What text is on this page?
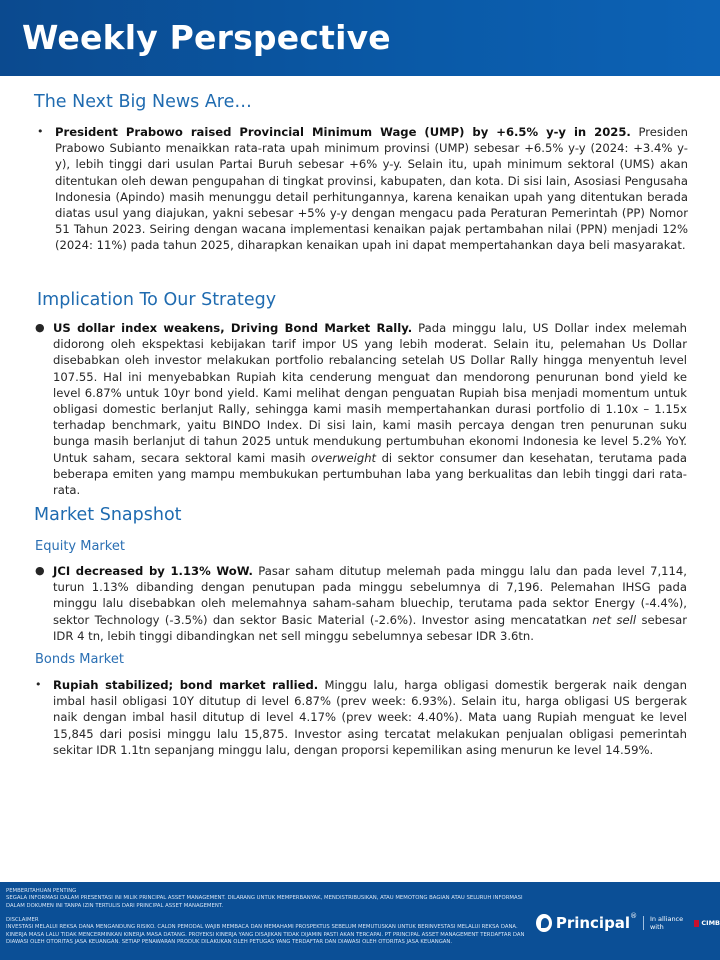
Weekly Perspective
The Next Big News Are…

• President Prabowo raised Provincial Minimum Wage (UMP) by +6.5% y-y in 2025. Presiden Prabowo Subianto menaikkan rata-rata upah minimum provinsi (UMP) sebesar +6.5% y-y (2024: +3.4% y-y), lebih tinggi dari usulan Partai Buruh sebesar +6% y-y. Selain itu, upah minimum sektoral (UMS) akan ditentukan oleh dewan pengupahan di tingkat provinsi, kabupaten, dan kota. Di sisi lain, Asosiasi Pengusaha Indonesia (Apindo) masih menunggu detail perhitungannya, karena kenaikan upah yang ditentukan berada diatas usul yang diajukan, yakni sebesar +5% y-y dengan mengacu pada Peraturan Pemerintah (PP) Nomor 51 Tahun 2023. Seiring dengan wacana implementasi kenaikan pajak pertambahan nilai (PPN) menjadi 12% (2024: 11%) pada tahun 2025, diharapkan kenaikan upah ini dapat mempertahankan daya beli masyarakat.

Implication To Our Strategy

● US dollar index weakens, Driving Bond Market Rally. Pada minggu lalu, US Dollar index melemah didorong oleh ekspektasi kebijakan tarif impor US yang lebih moderat. Selain itu, pelemahan Us Dollar disebabkan oleh investor melakukan portfolio rebalancing setelah US Dollar Rally hingga menyentuh level 107.55. Hal ini menyebabkan Rupiah kita cenderung menguat dan mendorong penurunan bond yield ke level 6.87% untuk 10yr bond yield. Kami melihat dengan penguatan Rupiah bisa menjadi momentum untuk obligasi domestic berlanjut Rally, sehingga kami masih mempertahankan durasi portfolio di 1.10x – 1.15x terhadap benchmark, yaitu BINDO Index. Di sisi lain, kami masih percaya dengan tren penurunan suku bunga masih berlanjut di tahun 2025 untuk mendukung pertumbuhan ekonomi Indonesia ke level 5.2% YoY. Untuk saham, secara sektoral kami masih overweight di sektor consumer dan kesehatan, terutama pada beberapa emiten yang mampu membukukan pertumbuhan laba yang berkualitas dan lebih tinggi dari rata-rata.

Market Snapshot
Equity Market

● JCI decreased by 1.13% WoW. Pasar saham ditutup melemah pada minggu lalu dan pada level 7,114, turun 1.13% dibanding dengan penutupan pada minggu sebelumnya di 7,196. Pelemahan IHSG pada minggu lalu disebabkan oleh melemahnya saham-saham bluechip, terutama pada sektor Energy (-4.4%), sektor Technology (-3.5%) dan sektor Basic Material (-2.6%). Investor asing mencatatkan net sell sebesar IDR 4 tn, lebih tinggi dibandingkan net sell minggu sebelumnya sebesar IDR 3.6tn.

Bonds Market

• Rupiah stabilized; bond market rallied. Minggu lalu, harga obligasi domestik bergerak naik dengan imbal hasil obligasi 10Y ditutup di level 6.87% (prev week: 6.93%). Selain itu, harga obligasi US bergerak naik dengan imbal hasil ditutup di level 4.17% (prev week: 4.40%). Mata uang Rupiah menguat ke level 15,845 dari posisi minggu lalu 15,875. Investor asing tercatat melakukan penjualan obligasi pemerintah sekitar IDR 1.1tn sepanjang minggu lalu, dengan proporsi kepemilikan asing menurun ke level 14.59%.

PEMBERITAHUAN PENTING
SEGALA INFORMASI DALAM PRESENTASI INI MILIK PRINCIPAL ASSET MANAGEMENT. DILARANG UNTUK MEMPERBANYAK, MENDISTRIBUSIKAN, ATAU MEMOTONG BAGIAN ATAU SELURUH INFORMASI DALAM DOKUMEN INI TANPA IZIN TERTULIS DARI PRINCIPAL ASSET MANAGEMENT.
DISCLAIMER
INVESTASI MELALUI REKSA DANA MENGANDUNG RISIKO. CALON PEMODAL WAJIB MEMBACA DAN MEMAHAMI PROSPEKTUS SEBELUM MEMUTUSKAN UNTUK BERINVESTASI MELALUI REKSA DANA. KINERJA MASA LALU TIDAK MENCERMINKAN KINERJA MASA DATANG. PROYEKSI KINERJA YANG DISAJIKAN TIDAK DIJAMIN PASTI AKAN TERCAPAI. PT PRINCIPAL ASSET MANAGEMENT TERDAFTAR DAN DIAWASI OLEH OTORITAS JASA KEUANGAN. SETIAP PENAWARAN PRODUK DILAKUKAN OLEH PETUGAS YANG TERDAFTAR DAN DIAWASI OLEH OTORITAS JASA KEUANGAN.
Principal ® In alliance with	CIMB
